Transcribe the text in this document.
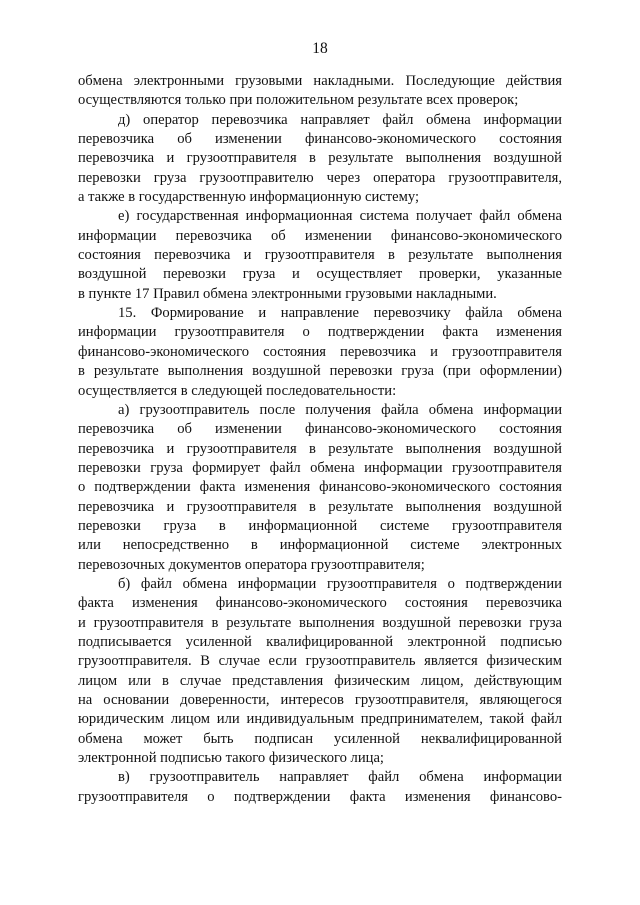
18
обмена электронными грузовыми накладными. Последующие действия
осуществляются только при положительном результате всех проверок;
д) оператор перевозчика направляет файл обмена информации
перевозчика об изменении финансово-экономического состояния
перевозчика и грузоотправителя в результате выполнения воздушной
перевозки груза грузоотправителю через оператора грузоотправителя,
а также в государственную информационную систему;
е) государственная информационная система получает файл обмена
информации перевозчика об изменении финансово-экономического
состояния перевозчика и грузоотправителя в результате выполнения
воздушной перевозки груза и осуществляет проверки, указанные
в пункте 17 Правил обмена электронными грузовыми накладными.
15. Формирование и направление перевозчику файла обмена
информации грузоотправителя о подтверждении факта изменения
финансово-экономического состояния перевозчика и грузоотправителя
в результате выполнения воздушной перевозки груза (при оформлении)
осуществляется в следующей последовательности:
а) грузоотправитель после получения файла обмена информации
перевозчика об изменении финансово-экономического состояния
перевозчика и грузоотправителя в результате выполнения воздушной
перевозки груза формирует файл обмена информации грузоотправителя
о подтверждении факта изменения финансово-экономического состояния
перевозчика и грузоотправителя в результате выполнения воздушной
перевозки груза в информационной системе грузоотправителя
или непосредственно в информационной системе электронных
перевозочных документов оператора грузоотправителя;
б) файл обмена информации грузоотправителя о подтверждении
факта изменения финансово-экономического состояния перевозчика
и грузоотправителя в результате выполнения воздушной перевозки груза
подписывается усиленной квалифицированной электронной подписью
грузоотправителя. В случае если грузоотправитель является физическим
лицом или в случае представления физическим лицом, действующим
на основании доверенности, интересов грузоотправителя, являющегося
юридическим лицом или индивидуальным предпринимателем, такой файл
обмена может быть подписан усиленной неквалифицированной
электронной подписью такого физического лица;
в) грузоотправитель направляет файл обмена информации
грузоотправителя о подтверждении факта изменения финансово-
